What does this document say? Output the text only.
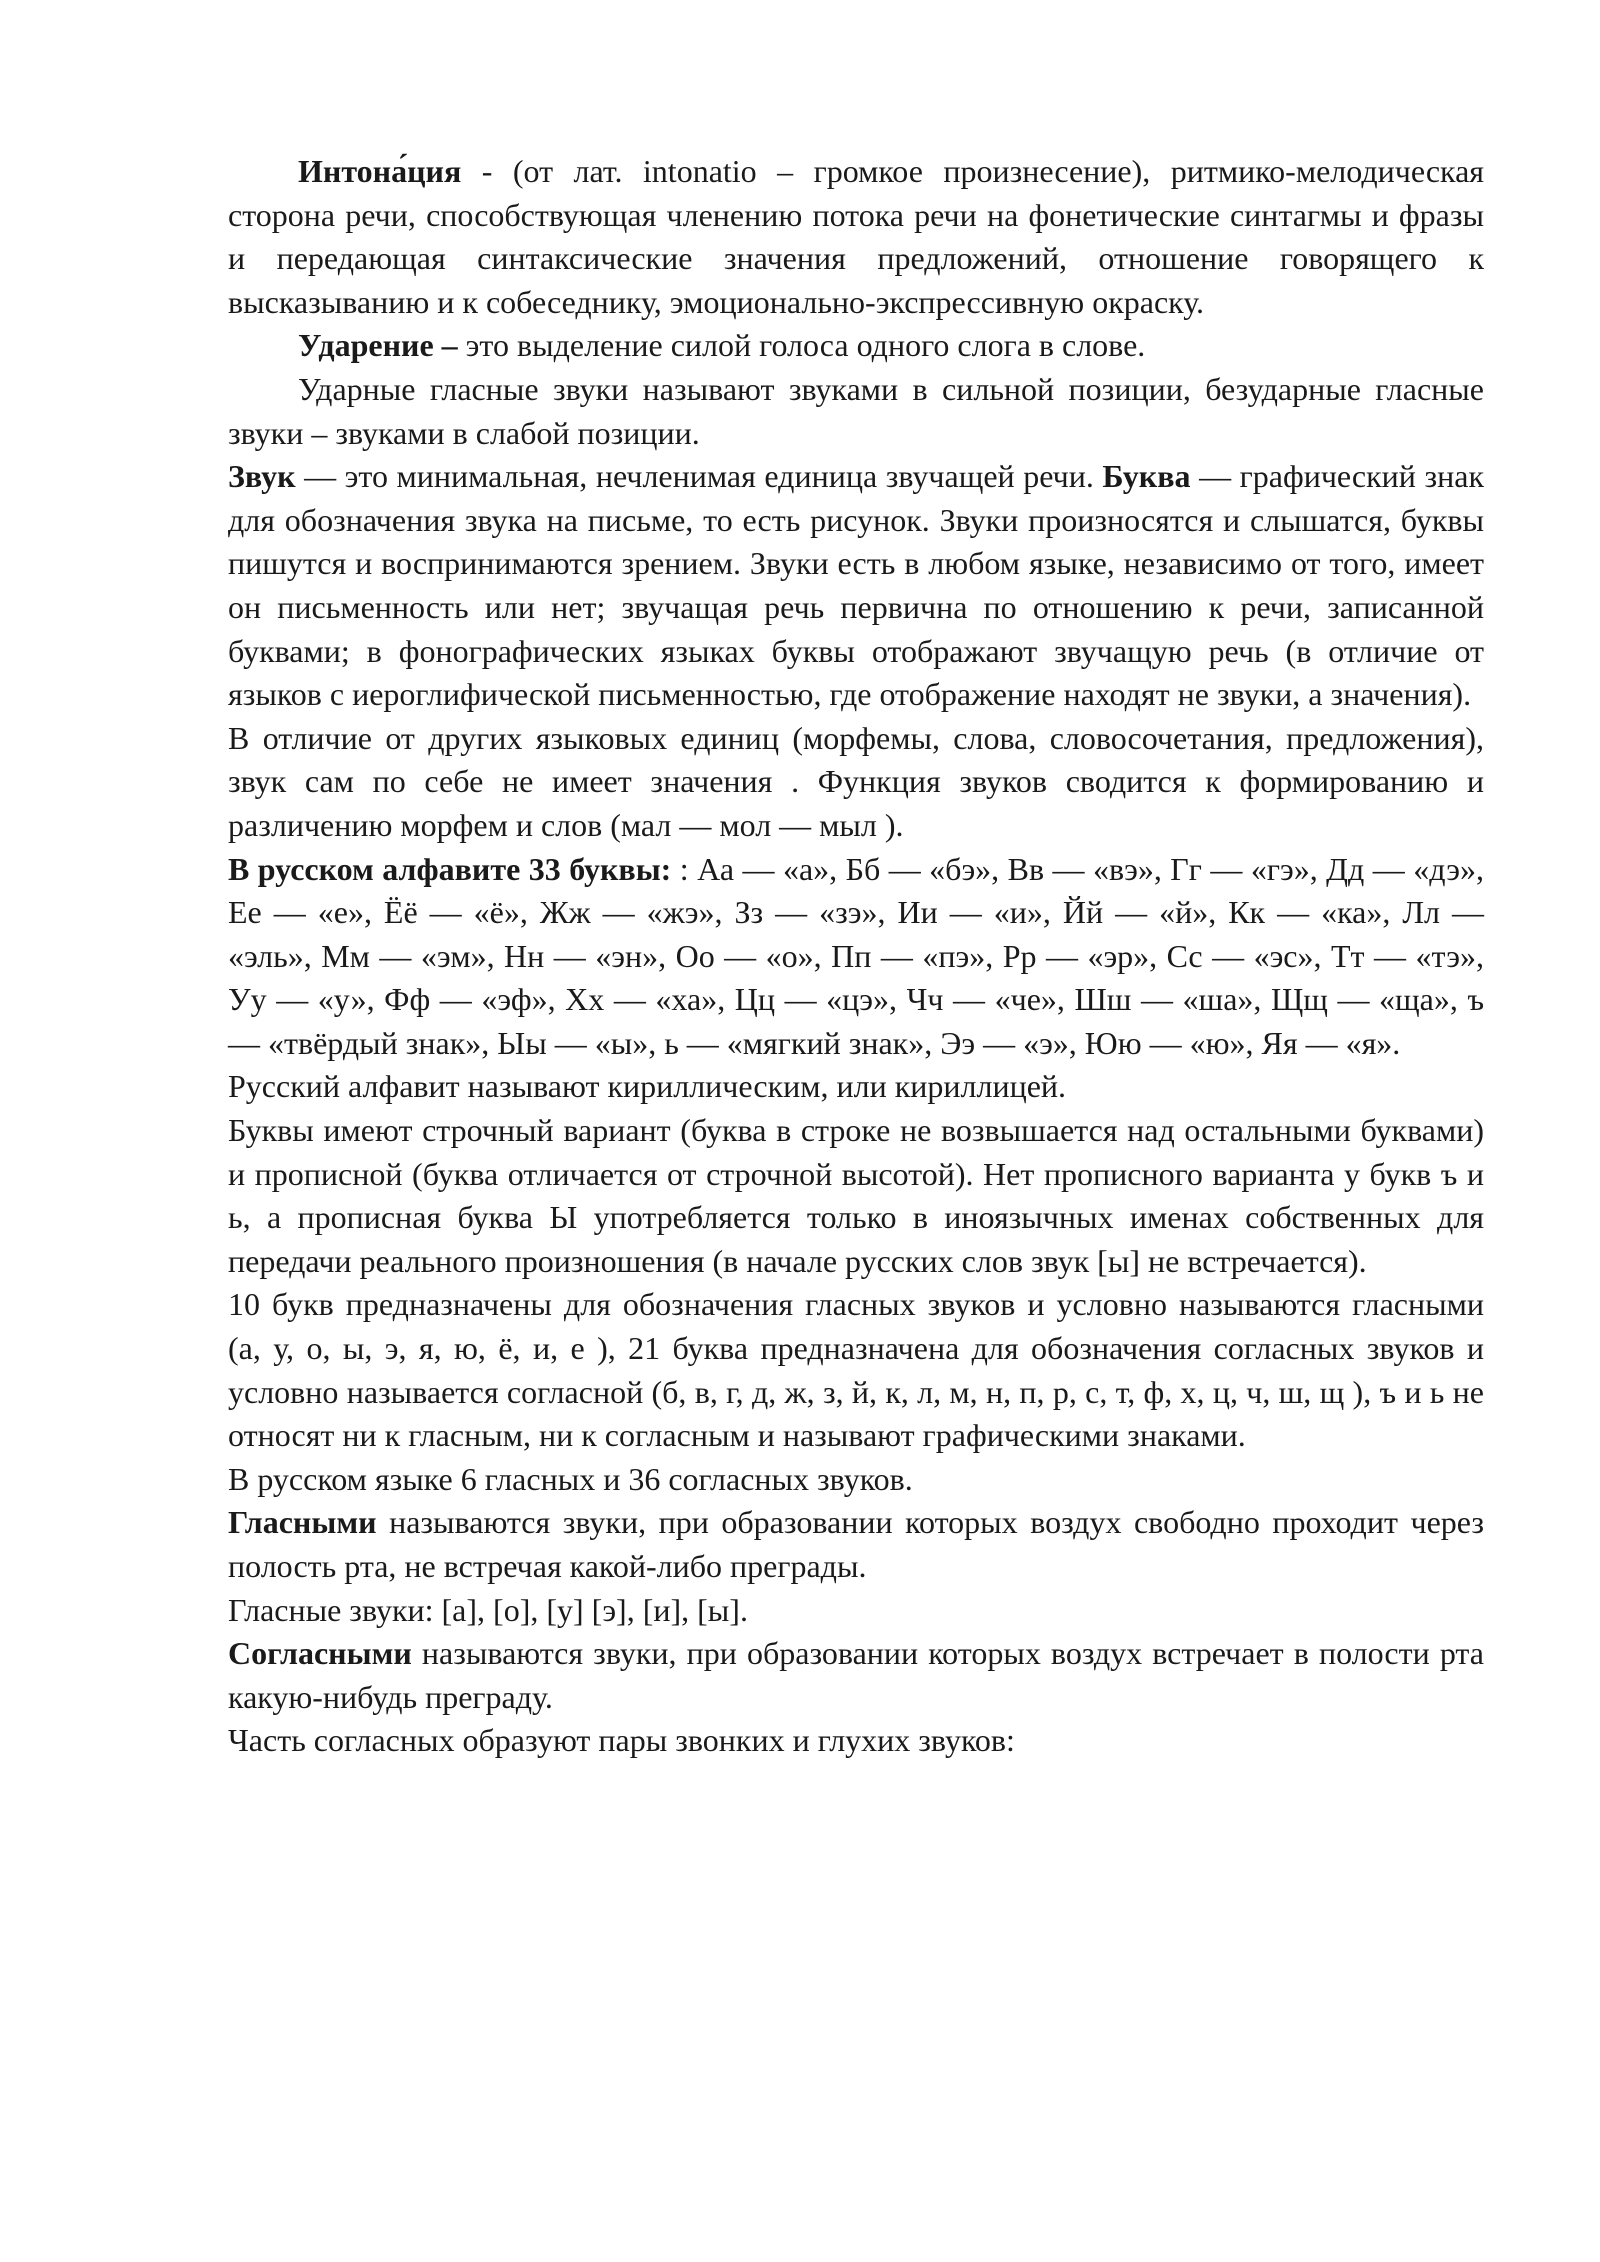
Интона́ция - (от лат. intonatio – громкое произнесение), ритмико-мелодическая сторона речи, способствующая членению потока речи на фонетические синтагмы и фразы и передающая синтаксические значения предложений, отношение говорящего к высказыванию и к собеседнику, эмоционально-экспрессивную окраску.

Ударение – это выделение силой голоса одного слога в слове.

Ударные гласные звуки называют звуками в сильной позиции, безударные гласные звуки – звуками в слабой позиции.

Звук — это минимальная, нечленимая единица звучащей речи. Буква — графический знак для обозначения звука на письме, то есть рисунок. Звуки произносятся и слышатся, буквы пишутся и воспринимаются зрением. Звуки есть в любом языке, независимо от того, имеет он письменность или нет; звучащая речь первична по отношению к речи, записанной буквами; в фонографических языках буквы отображают звучащую речь (в отличие от языков с иероглифической письменностью, где отображение находят не звуки, а значения).

В отличие от других языковых единиц (морфемы, слова, словосочетания, предложения), звук сам по себе не имеет значения . Функция звуков сводится к формированию и различению морфем и слов (мал — мол — мыл ).

В русском алфавите 33 буквы: : Аа — «а», Бб — «бэ», Вв — «вэ», Гг — «гэ», Дд — «дэ», Ее — «е», Ёё — «ё», Жж — «жэ», Зз — «зэ», Ии — «и», Йй — «й», Кк — «ка», Лл — «эль», Мм — «эм», Нн — «эн», Оо — «о», Пп — «пэ», Рр — «эр», Сс — «эс», Тт — «тэ», Уу — «у», Фф — «эф», Хх — «ха», Цц — «цэ», Чч — «че», Шш — «ша», Щщ — «ща», ъ — «твёрдый знак», Ыы — «ы», ь — «мягкий знак», Ээ — «э», Юю — «ю», Яя — «я».

Русский алфавит называют кириллическим, или кириллицей.

Буквы имеют строчный вариант (буква в строке не возвышается над остальными буквами) и прописной (буква отличается от строчной высотой). Нет прописного варианта у букв ъ и ь, а прописная буква Ы употребляется только в иноязычных именах собственных для передачи реального произношения (в начале русских слов звук [ы] не встречается).

10 букв предназначены для обозначения гласных звуков и условно называются гласными (а, у, о, ы, э, я, ю, ё, и, е ), 21 буква предназначена для обозначения согласных звуков и условно называется согласной (б, в, г, д, ж, з, й, к, л, м, н, п, р, с, т, ф, х, ц, ч, ш, щ ), ъ и ь не относят ни к гласным, ни к согласным и называют графическими знаками.

В русском языке 6 гласных и 36 согласных звуков.

Гласными называются звуки, при образовании которых воздух свободно проходит через полость рта, не встречая какой-либо преграды.

Гласные звуки: [а], [о], [у] [э], [и], [ы].

Согласными называются звуки, при образовании которых воздух встречает в полости рта какую-нибудь преграду.

Часть согласных образуют пары звонких и глухих звуков:
